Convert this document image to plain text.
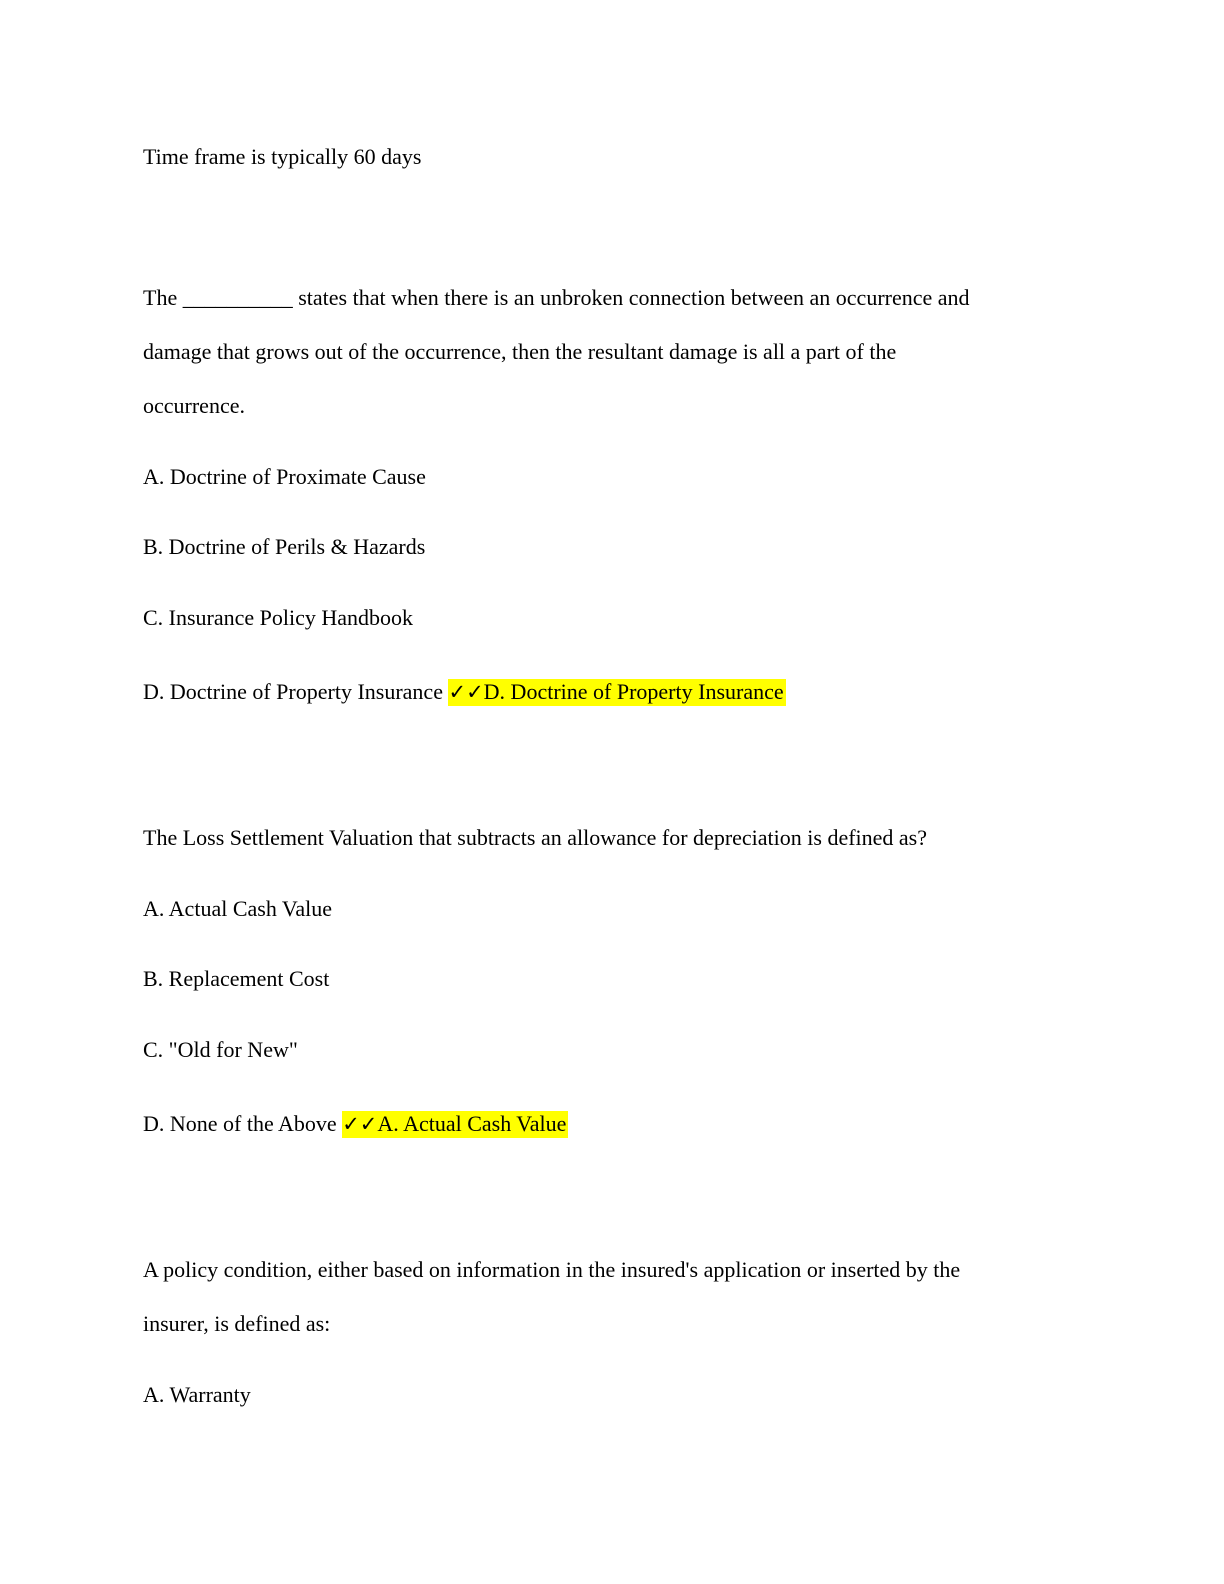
Time frame is typically 60 days
The __________ states that when there is an unbroken connection between an occurrence and
damage that grows out of the occurrence, then the resultant damage is all a part of the
occurrence.
A. Doctrine of Proximate Cause
B. Doctrine of Perils & Hazards
C. Insurance Policy Handbook
D. Doctrine of Property Insurance ✓✓D. Doctrine of Property Insurance
The Loss Settlement Valuation that subtracts an allowance for depreciation is defined as?
A. Actual Cash Value
B. Replacement Cost
C. "Old for New"
D. None of the Above ✓✓A. Actual Cash Value
A policy condition, either based on information in the insured's application or inserted by the
insurer, is defined as:
A. Warranty
